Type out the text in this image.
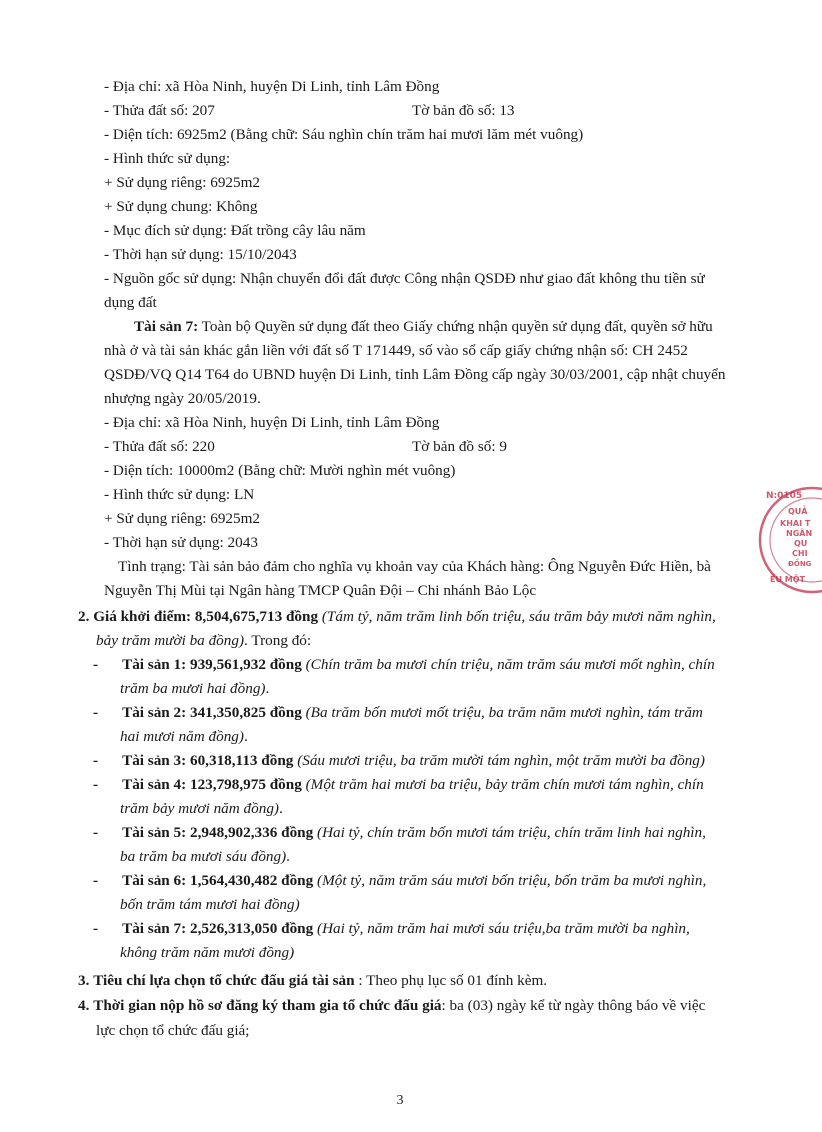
- Địa chỉ: xã Hòa Ninh, huyện Di Linh, tỉnh Lâm Đồng
- Thửa đất số: 207	Tờ bản đồ số: 13
- Diện tích: 6925m2 (Bằng chữ: Sáu nghìn chín trăm hai mươi lăm mét vuông)
- Hình thức sử dụng:
+ Sử dụng riêng: 6925m2
+ Sử dụng chung: Không
- Mục đích sử dụng: Đất trồng cây lâu năm
- Thời hạn sử dụng: 15/10/2043
- Nguồn gốc sử dụng: Nhận chuyển đổi đất được Công nhận QSDĐ như giao đất không thu tiền sử
dụng đất
Tài sản 7: Toàn bộ Quyền sử dụng đất theo Giấy chứng nhận quyền sử dụng đất, quyền sở hữu
nhà ở và tài sản khác gắn liền với đất số T 171449, số vào sổ cấp giấy chứng nhận số: CH 2452
QSDĐ/VQ Q14 T64 do UBND huyện Di Linh, tỉnh Lâm Đồng cấp ngày 30/03/2001, cập nhật chuyển
nhượng ngày 20/05/2019.
- Địa chỉ: xã Hòa Ninh, huyện Di Linh, tỉnh Lâm Đồng
- Thửa đất số: 220	Tờ bản đồ số: 9
- Diện tích: 10000m2 (Bằng chữ: Mười nghìn mét vuông)
- Hình thức sử dụng: LN
+ Sử dụng riêng: 6925m2
- Thời hạn sử dụng: 2043
Tình trạng: Tài sản bảo đảm cho nghĩa vụ khoản vay của Khách hàng: Ông Nguyễn Đức Hiền, bà
Nguyễn Thị Mùi tại Ngân hàng TMCP Quân Đội – Chi nhánh Bảo Lộc
2. Giá khởi điểm: 8,504,675,713 đồng (Tám tỷ, năm trăm linh bốn triệu, sáu trăm bảy mươi năm nghìn,
bảy trăm mười ba đồng). Trong đó:
- Tài sản 1: 939,561,932 đồng (Chín trăm ba mươi chín triệu, năm trăm sáu mươi mốt nghìn, chín
trăm ba mươi hai đồng).
- Tài sản 2: 341,350,825 đồng (Ba trăm bốn mươi mốt triệu, ba trăm năm mươi nghìn, tám trăm
hai mươi năm đồng).
- Tài sản 3: 60,318,113 đồng (Sáu mươi triệu, ba trăm mười tám nghìn, một trăm mười ba đồng)
- Tài sản 4: 123,798,975 đồng (Một trăm hai mươi ba triệu, bảy trăm chín mươi tám nghìn, chín
trăm bảy mươi năm đồng).
- Tài sản 5: 2,948,902,336 đồng (Hai tỷ, chín trăm bốn mươi tám triệu, chín trăm linh hai nghìn,
ba trăm ba mươi sáu đồng).
- Tài sản 6: 1,564,430,482 đồng (Một tỷ, năm trăm sáu mươi bốn triệu, bốn trăm ba mươi nghìn,
bốn trăm tám mươi hai đồng)
- Tài sản 7: 2,526,313,050 đồng (Hai tỷ, năm trăm hai mươi sáu triệu,ba trăm mười ba nghìn,
không trăm năm mươi đồng)
3. Tiêu chí lựa chọn tổ chức đấu giá tài sản : Theo phụ lục số 01 đính kèm.
4. Thời gian nộp hồ sơ đăng ký tham gia tổ chức đấu giá: ba (03) ngày kể từ ngày thông báo về việc
lực chọn tổ chức đấu giá;
3
N:0105
QUẢ
KHAI T
NGÂN
QU
CHI
ĐỒNG
ỀU MỘT
